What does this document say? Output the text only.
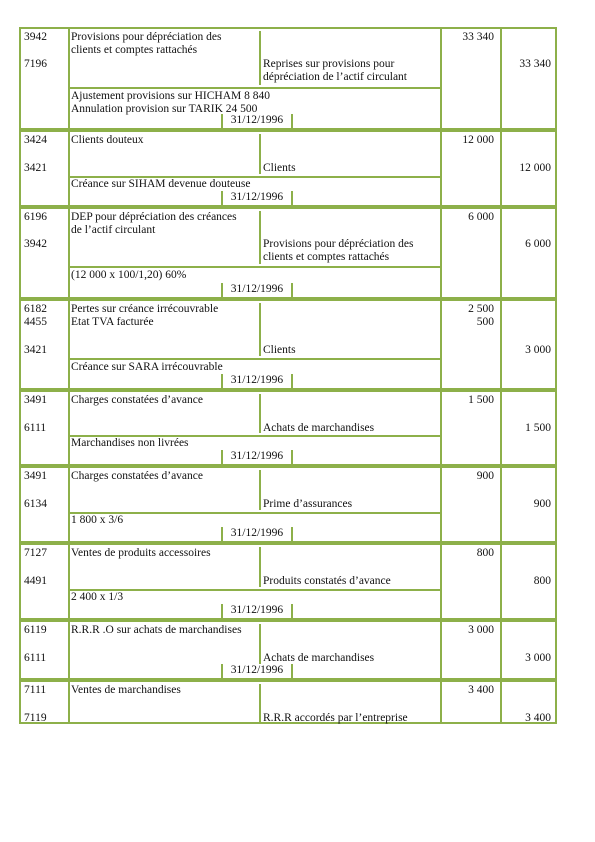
3942
7196
Provisions pour dépréciation des
clients et comptes rattachés
Reprises sur provisions pour
dépréciation de l’actif circulant
33 340
33 340
Ajustement provisions sur HICHAM 8 840
Annulation provision sur TARIK 24 500
31/12/1996
3424
3421
Clients douteux
Clients
12 000
12 000
Créance sur SIHAM devenue douteuse
31/12/1996
6196
3942
DEP pour dépréciation des créances
de l’actif circulant
Provisions pour dépréciation des
clients et comptes rattachés
6 000
6 000
(12 000 x 100/1,20) 60%
31/12/1996
6182
4455
3421
Pertes sur créance irrécouvrable
Etat TVA facturée
Clients
2 500
500
3 000
Créance sur SARA irrécouvrable
31/12/1996
3491
6111
Charges constatées d’avance
Achats de marchandises
1 500
1 500
Marchandises non livrées
31/12/1996
3491
6134
Charges constatées d’avance
Prime d’assurances
900
900
1 800 x 3/6
31/12/1996
7127
4491
Ventes de produits accessoires
Produits constatés d’avance
800
800
2 400 x 1/3
31/12/1996
6119
6111
R.R.R .O sur achats de marchandises
Achats de marchandises
3 000
3 000
31/12/1996
7111
7119
Ventes de marchandises
R.R.R accordés par l’entreprise
3 400
3 400
